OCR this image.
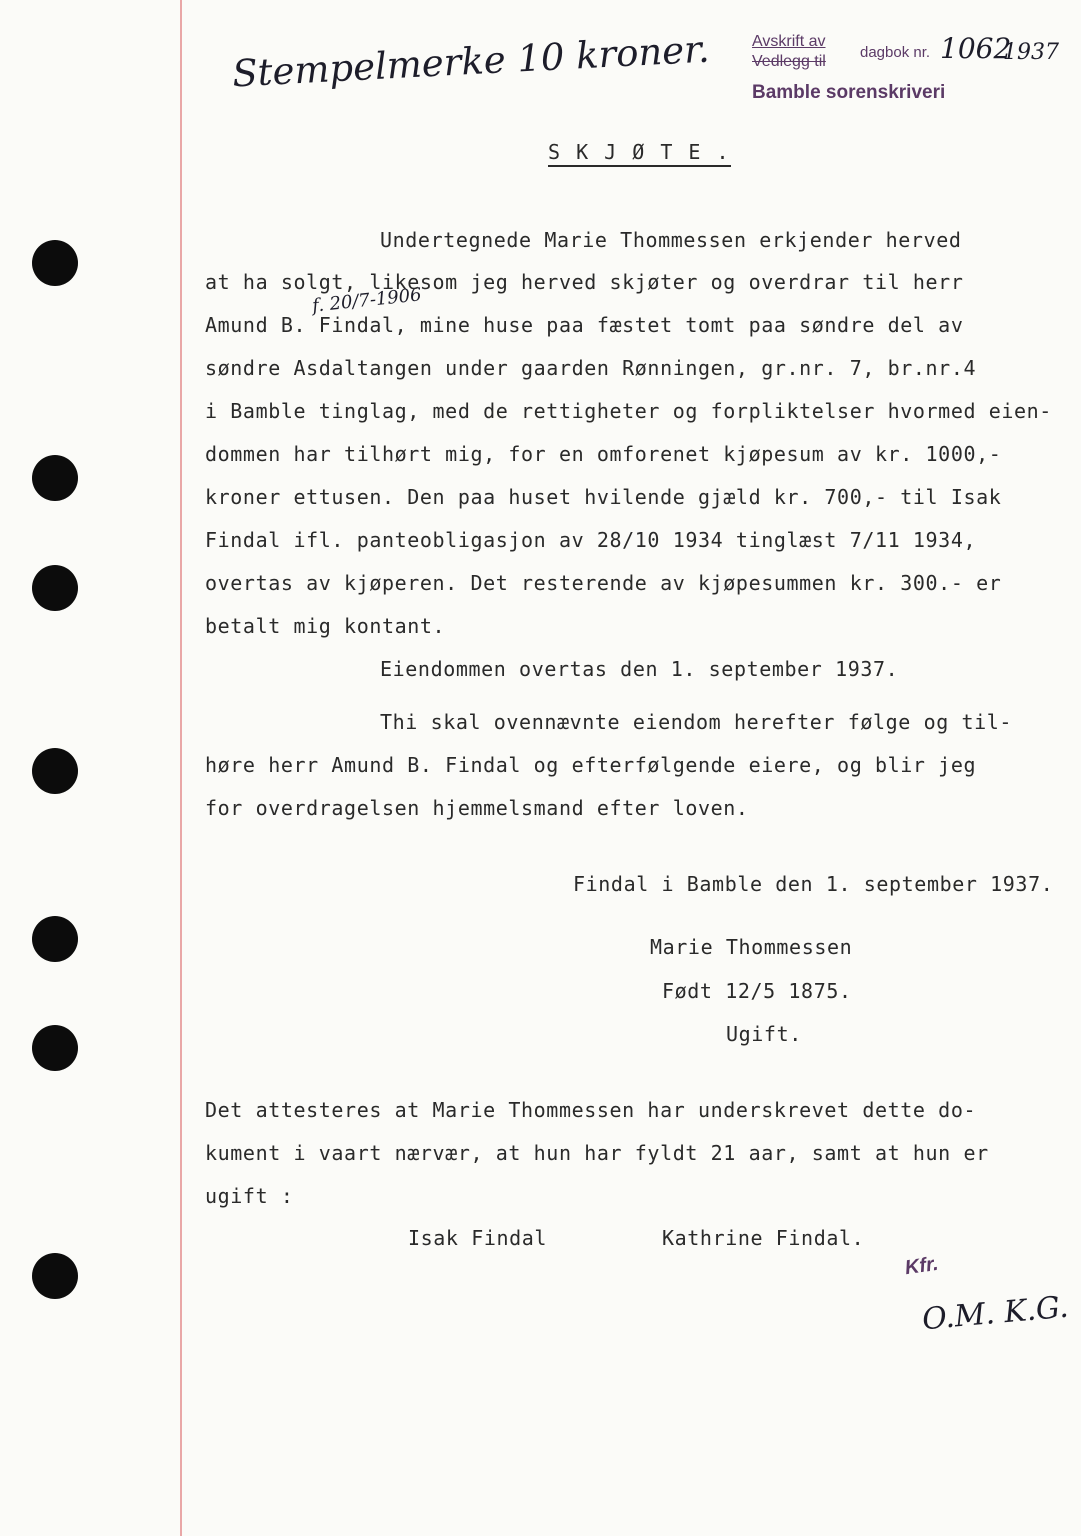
Stempelmerke 10 kroner.	Avskrift av
Vedlegg til
dagbok nr. 1062
1937
Bamble sorenskriveri
S K J Ø T E .
f. 20/7-1906
Undertegnede Marie Thommessen erkjender herved
at ha solgt, likesom jeg herved skjøter og overdrar til herr
Amund B. Findal, mine huse paa fæstet tomt paa søndre del av
søndre Asdaltangen under gaarden Rønningen, gr.nr. 7, br.nr.4
i Bamble tinglag, med de rettigheter og forpliktelser hvormed eien-
dommen har tilhørt mig, for en omforenet kjøpesum av kr. 1000,-
kroner ettusen. Den paa huset hvilende gjæld kr. 700,- til Isak
Findal ifl. panteobligasjon av 28/10 1934 tinglæst 7/11 1934,
overtas av kjøperen. Det resterende av kjøpesummen kr. 300.- er
betalt mig kontant.
Eiendommen overtas den 1. september 1937.
Thi skal ovennævnte eiendom herefter følge og til-
høre herr Amund B. Findal og efterfølgende eiere, og blir jeg
for overdragelsen hjemmelsmand efter loven.
Findal i Bamble den 1. september 1937.
Marie Thommessen
Født 12/5 1875.
Ugift.
Det attesteres at Marie Thommessen har underskrevet dette do-
kument i vaart nærvær, at hun har fyldt 21 aar, samt at hun er
ugift :
Isak Findal	Kathrine Findal.
Kfr.
O.M. K.G.
